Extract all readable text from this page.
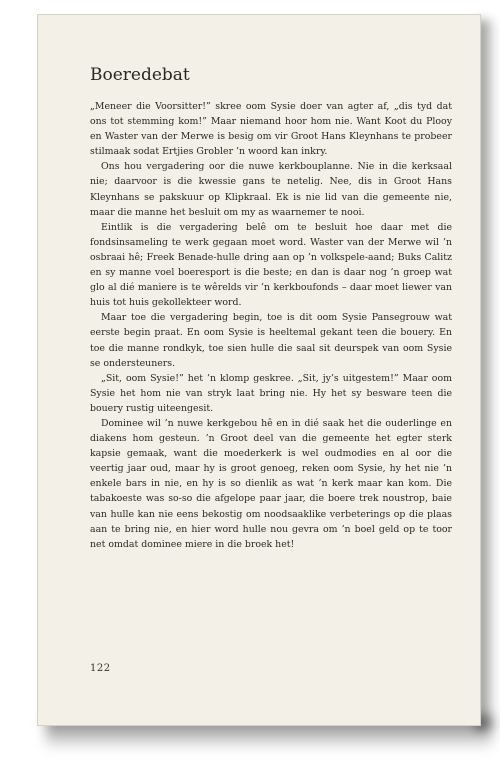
Boeredebat

„Meneer die Voorsitter!” skree oom Sysie doer van agter af, „dis tyd dat ons tot stemming kom!” Maar niemand hoor hom nie. Want Koot du Plooy en Waster van der Merwe is besig om vir Groot Hans Kleynhans te probeer stilmaak sodat Ertjies Grobler ’n woord kan inkry.

Ons hou vergadering oor die nuwe kerkbouplanne. Nie in die kerksaal nie; daarvoor is die kwessie gans te netelig. Nee, dis in Groot Hans Kleynhans se pakskuur op Klipkraal. Ek is nie lid van die gemeente nie, maar die manne het besluit om my as waarnemer te nooi.

Eintlik is die vergadering belê om te besluit hoe daar met die fondsinsameling te werk gegaan moet word. Waster van der Merwe wil ’n osbraai hê; Freek Benade-hulle dring aan op ’n volkspele-aand; Buks Calitz en sy manne voel boeresport is die beste; en dan is daar nog ’n groep wat glo al dié maniere is te wêrelds vir ’n kerkboufonds – daar moet liewer van huis tot huis gekollekteer word.

Maar toe die vergadering begin, toe is dit oom Sysie Pansegrouw wat eerste begin praat. En oom Sysie is heeltemal gekant teen die bouery. En toe die manne rondkyk, toe sien hulle die saal sit deurspek van oom Sysie se ondersteuners.

„Sit, oom Sysie!” het ’n klomp geskree. „Sit, jy’s uitgestem!” Maar oom Sysie het hom nie van stryk laat bring nie. Hy het sy besware teen die bouery rustig uiteengesit.

Dominee wil ’n nuwe kerkgebou hê en in dié saak het die ouderlinge en diakens hom gesteun. ’n Groot deel van die gemeente het egter sterk kapsie gemaak, want die moederkerk is wel oudmodies en al oor die veertig jaar oud, maar hy is groot genoeg, reken oom Sysie, hy het nie ’n enkele bars in nie, en hy is so dienlik as wat ’n kerk maar kan kom. Die tabakoeste was so-so die afgelope paar jaar, die boere trek noustrop, baie van hulle kan nie eens bekostig om noodsaaklike verbeterings op die plaas aan te bring nie, en hier word hulle nou gevra om ’n boel geld op te toor net omdat dominee miere in die broek het!

122
